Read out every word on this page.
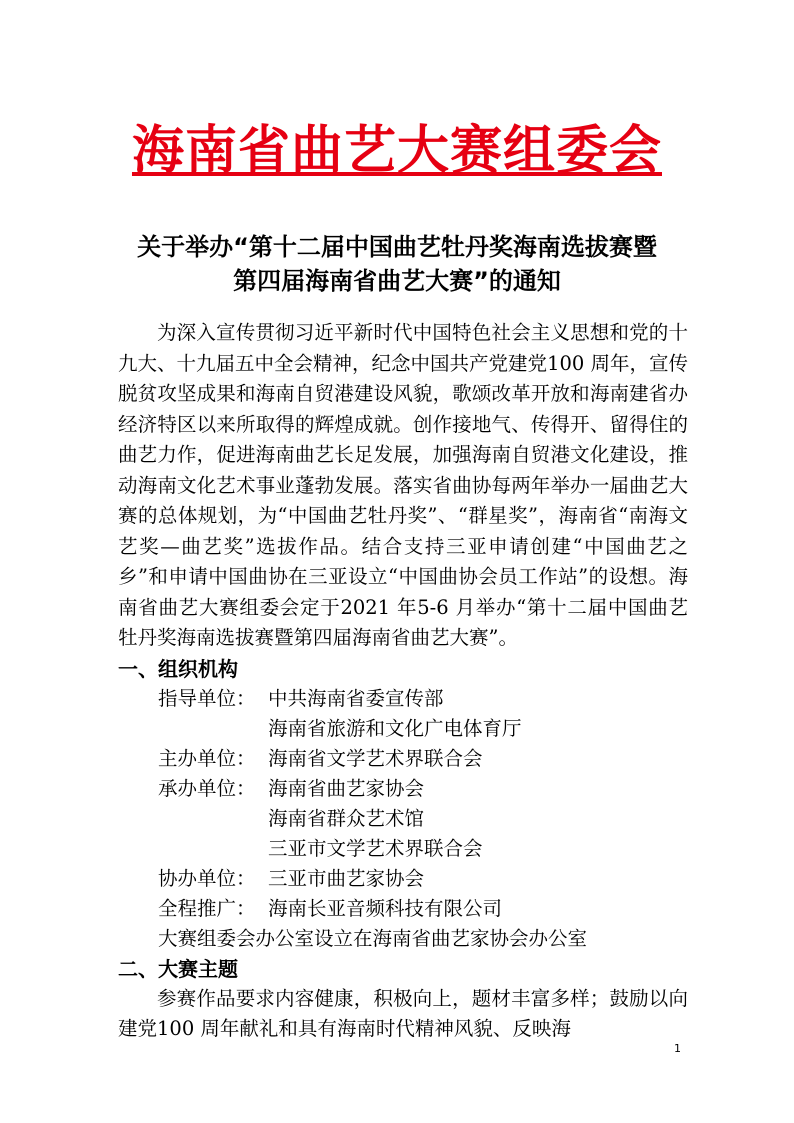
海南省曲艺大赛组委会
关于举办“第十二届中国曲艺牡丹奖海南选拔赛暨
第四届海南省曲艺大赛”的通知

为深入宣传贯彻习近平新时代中国特色社会主义思想和党的十九大、十九届五中全会精神，纪念中国共产党建党100 周年，宣传脱贫攻坚成果和海南自贸港建设风貌，歌颂改革开放和海南建省办经济特区以来所取得的辉煌成就。创作接地气、传得开、留得住的曲艺力作，促进海南曲艺长足发展，加强海南自贸港文化建设，推动海南文化艺术事业蓬勃发展。落实省曲协每两年举办一届曲艺大赛的总体规划，为“中国曲艺牡丹奖”、“群星奖”，海南省“南海文艺奖—曲艺奖”选拔作品。结合支持三亚申请创建“中国曲艺之乡”和申请中国曲协在三亚设立“中国曲协会员工作站”的设想。海南省曲艺大赛组委会定于2021 年5-6 月举办“第十二届中国曲艺牡丹奖海南选拔赛暨第四届海南省曲艺大赛”。

一、组织机构

指导单位： 中共海南省委宣传部

海南省旅游和文化广电体育厅

主办单位： 海南省文学艺术界联合会

承办单位： 海南省曲艺家协会

海南省群众艺术馆

三亚市文学艺术界联合会

协办单位： 三亚市曲艺家协会

全程推广： 海南长亚音频科技有限公司

大赛组委会办公室设立在海南省曲艺家协会办公室

二、大赛主题

参赛作品要求内容健康，积极向上，题材丰富多样；鼓励以向建党100 周年献礼和具有海南时代精神风貌、反映海

1
